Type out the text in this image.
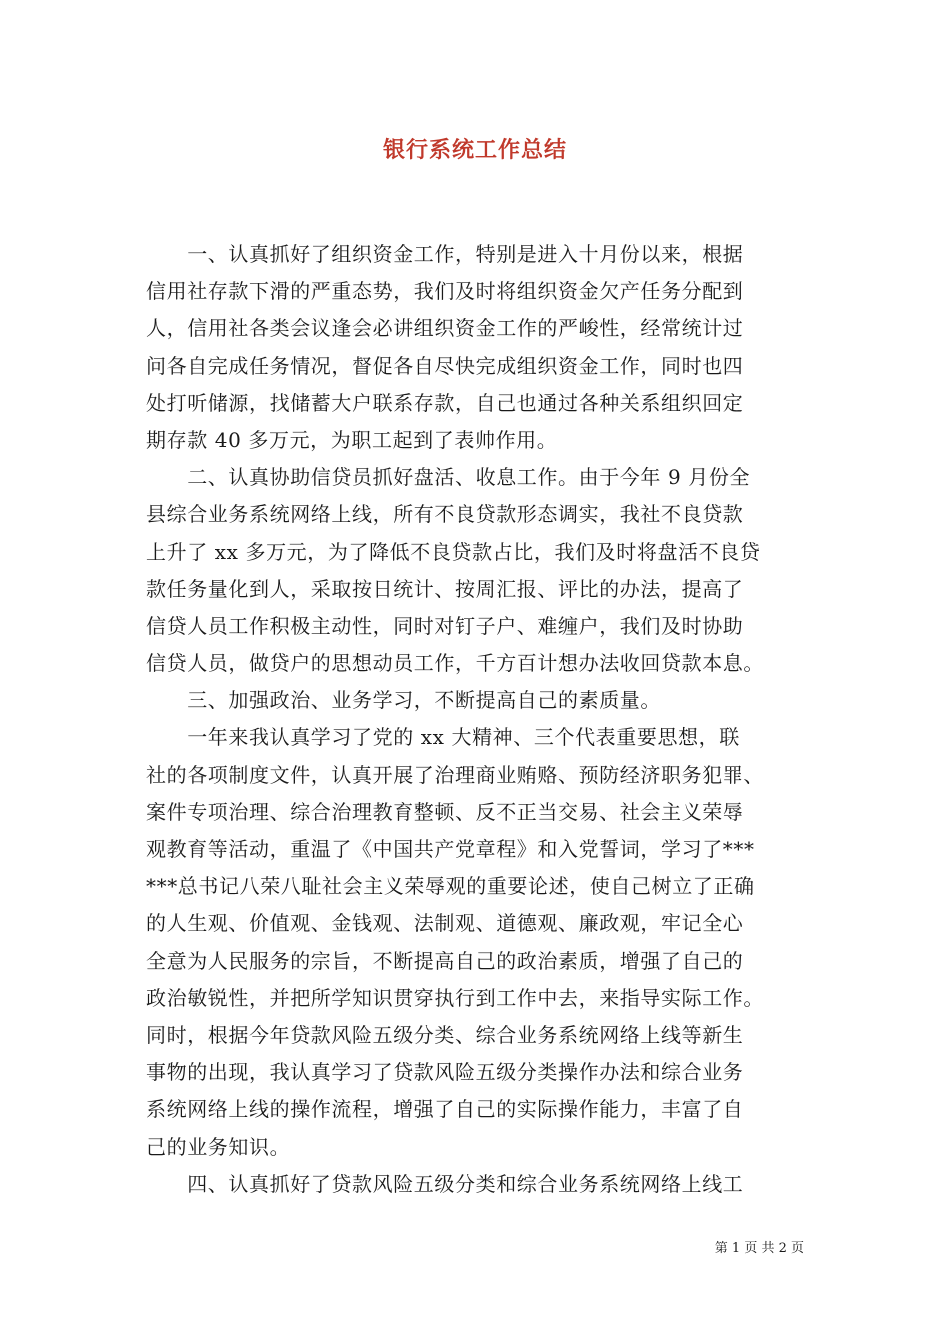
银行系统工作总结
　　一、认真抓好了组织资金工作，特别是进入十月份以来，根据
信用社存款下滑的严重态势，我们及时将组织资金欠产任务分配到
人，信用社各类会议逢会必讲组织资金工作的严峻性，经常统计过
问各自完成任务情况，督促各自尽快完成组织资金工作，同时也四
处打听储源，找储蓄大户联系存款，自己也通过各种关系组织回定
期存款 40 多万元，为职工起到了表帅作用。
　　二、认真协助信贷员抓好盘活、收息工作。由于今年 9 月份全
县综合业务系统网络上线，所有不良贷款形态调实，我社不良贷款
上升了 xx 多万元，为了降低不良贷款占比，我们及时将盘活不良贷
款任务量化到人，采取按日统计、按周汇报、评比的办法，提高了
信贷人员工作积极主动性，同时对钉子户、难缠户，我们及时协助
信贷人员，做贷户的思想动员工作，千方百计想办法收回贷款本息。
　　三、加强政治、业务学习，不断提高自己的素质量。
　　一年来我认真学习了党的 xx 大精神、三个代表重要思想，联
社的各项制度文件，认真开展了治理商业贿赂、预防经济职务犯罪、
案件专项治理、综合治理教育整顿、反不正当交易、社会主义荣辱
观教育等活动，重温了《中国共产党章程》和入党誓词，学习了***
***总书记八荣八耻社会主义荣辱观的重要论述，使自己树立了正确
的人生观、价值观、金钱观、法制观、道德观、廉政观，牢记全心
全意为人民服务的宗旨，不断提高自己的政治素质，增强了自己的
政治敏锐性，并把所学知识贯穿执行到工作中去，来指导实际工作。
同时，根据今年贷款风险五级分类、综合业务系统网络上线等新生
事物的出现，我认真学习了贷款风险五级分类操作办法和综合业务
系统网络上线的操作流程，增强了自己的实际操作能力，丰富了自
己的业务知识。
　　四、认真抓好了贷款风险五级分类和综合业务系统网络上线工
第 1 页 共 2 页
